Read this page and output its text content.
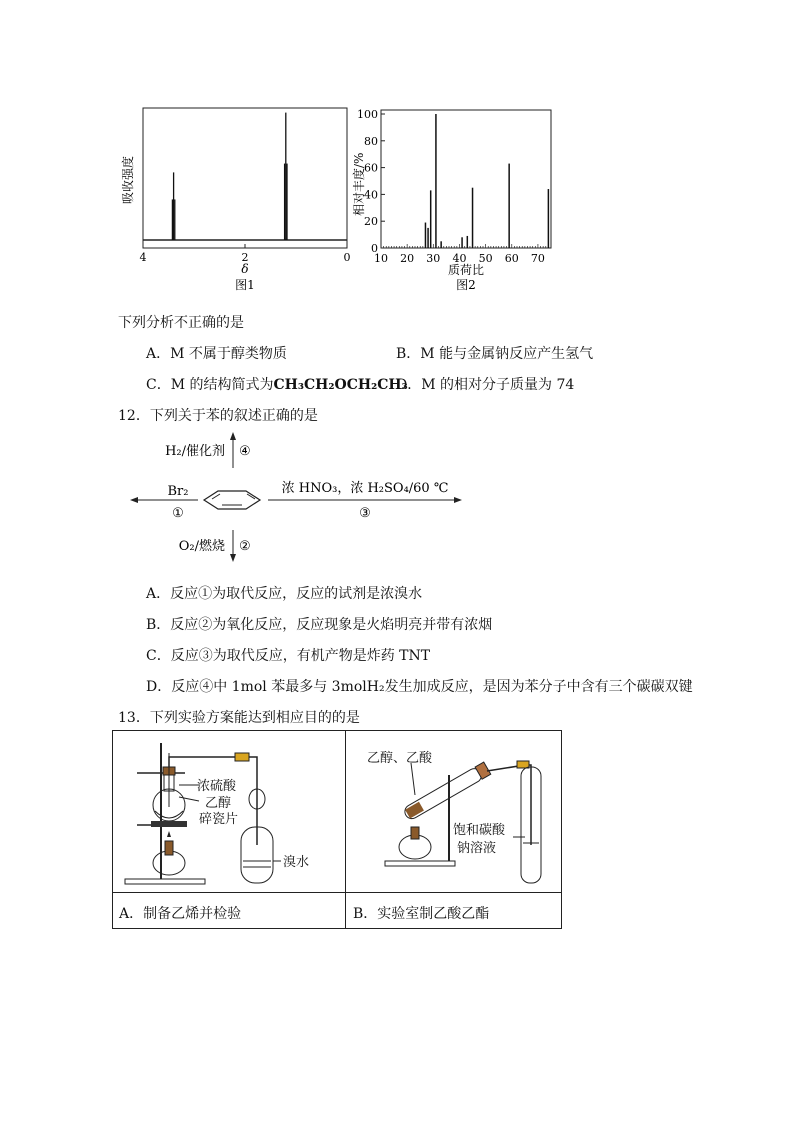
4	2	0
δ
图1
吸收强度
0
20
40
60
80
100
10 20 30 40 50 60 70
质荷比
图2
相对丰度/%
下列分析不正确的是
A．M 不属于醇类物质	B．M 能与金属钠反应产生氢气
C．M 的结构简式为CH₃CH₂OCH₂CH₃
D．M 的相对分子质量为 74
12．下列关于苯的叙述正确的是
H₂/催化剂 ④
Br₂
①
浓 HNO₃，浓 H₂SO₄/60 ℃
③
O₂/燃烧 ②
A．反应①为取代反应，反应的试剂是浓溴水
B．反应②为氧化反应，反应现象是火焰明亮并带有浓烟
C．反应③为取代反应，有机产物是炸药 TNT
D．反应④中 1mol 苯最多与 3molH₂发生加成反应，是因为苯分子中含有三个碳碳双键
13．下列实验方案能达到相应目的的是
浓硫酸
乙醇
碎瓷片
溴水
A．制备乙烯并检验
乙醇、乙酸
饱和碳酸
钠溶液
B．实验室制乙酸乙酯
